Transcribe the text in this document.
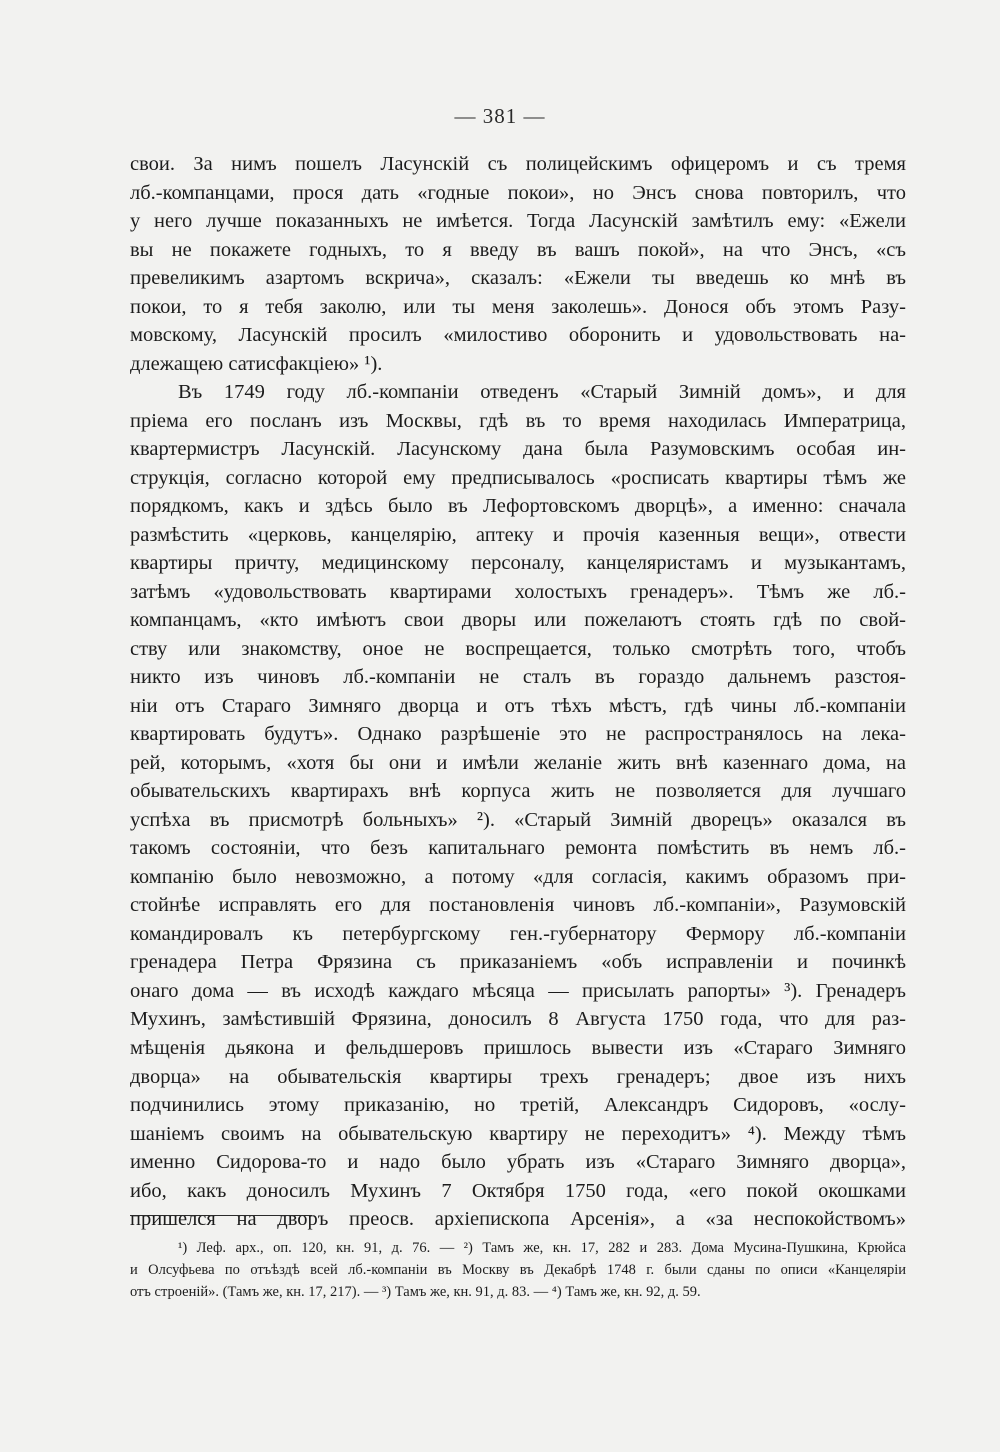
— 381 —
свои. За нимъ пошелъ Ласунскій съ полицейскимъ офицеромъ и съ тремя
лб.-компанцами, прося дать «годные покои», но Энсъ снова повторилъ, что
у него лучше показанныхъ не имѣется. Тогда Ласунскій замѣтилъ ему: «Ежели
вы не покажете годныхъ, то я введу въ вашъ покой», на что Энсъ, «съ
превеликимъ азартомъ вскрича», сказалъ: «Ежели ты введешь ко мнѣ въ
покои, то я тебя заколю, или ты меня заколешь». Донося объ этомъ Разу-
мовскому, Ласунскій просилъ «милостиво оборонить и удовольствовать на-
длежащею сатисфакціею» ¹).
Въ 1749 году лб.-компаніи отведенъ «Старый Зимній домъ», и для
пріема его посланъ изъ Москвы, гдѣ въ то время находилась Императрица,
квартермистръ Ласунскій. Ласунскому дана была Разумовскимъ особая ин-
струкція, согласно которой ему предписывалось «росписать квартиры тѣмъ же
порядкомъ, какъ и здѣсь было въ Лефортовскомъ дворцѣ», а именно: сначала
размѣстить «церковь, канцелярію, аптеку и прочія казенныя вещи», отвести
квартиры причту, медицинскому персоналу, канцеляристамъ и музыкантамъ,
затѣмъ «удовольствовать квартирами холостыхъ гренадеръ». Тѣмъ же лб.-
компанцамъ, «кто имѣютъ свои дворы или пожелаютъ стоять гдѣ по свой-
ству или знакомству, оное не воспрещается, только смотрѣть того, чтобъ
никто изъ чиновъ лб.-компаніи не сталъ въ гораздо дальнемъ разстоя-
ніи отъ Стараго Зимняго дворца и отъ тѣхъ мѣстъ, гдѣ чины лб.-компаніи
квартировать будутъ». Однако разрѣшеніе это не распространялось на лека-
рей, которымъ, «хотя бы они и имѣли желаніе жить внѣ казеннаго дома, на
обывательскихъ квартирахъ внѣ корпуса жить не позволяется для лучшаго
успѣха въ присмотрѣ больныхъ» ²). «Старый Зимній дворецъ» оказался въ
такомъ состояніи, что безъ капитальнаго ремонта помѣстить въ немъ лб.-
компанію было невозможно, а потому «для согласія, какимъ образомъ при-
стойнѣе исправлять его для постановленія чиновъ лб.-компаніи», Разумовскій
командировалъ къ петербургскому ген.-губернатору Фермору лб.-компаніи
гренадера Петра Фрязина съ приказаніемъ «объ исправленіи и починкѣ
онаго дома — въ исходѣ каждаго мѣсяца — присылать рапорты» ³). Гренадеръ
Мухинъ, замѣстившій Фрязина, доносилъ 8 Августа 1750 года, что для раз-
мѣщенія дьякона и фельдшеровъ пришлось вывести изъ «Стараго Зимняго
дворца» на обывательскія квартиры трехъ гренадеръ; двое изъ нихъ
подчинились этому приказанію, но третій, Александръ Сидоровъ, «ослу-
шаніемъ своимъ на обывательскую квартиру не переходитъ» ⁴). Между тѣмъ
именно Сидорова-то и надо было убрать изъ «Стараго Зимняго дворца»,
ибо, какъ доносилъ Мухинъ 7 Октября 1750 года, «его покой окошками
пришелся на дворъ преосв. архіепископа Арсенія», а «за неспокойствомъ»
¹) Леф. арх., оп. 120, кн. 91, д. 76. — ²) Тамъ же, кн. 17, 282 и 283. Дома Мусина-Пушкина, Крюйса
и Олсуфьева по отъѣздѣ всей лб.-компаніи въ Москву въ Декабрѣ 1748 г. были сданы по описи «Канцеляріи
отъ строеній». (Тамъ же, кн. 17, 217). — ³) Тамъ же, кн. 91, д. 83. — ⁴) Тамъ же, кн. 92, д. 59.
